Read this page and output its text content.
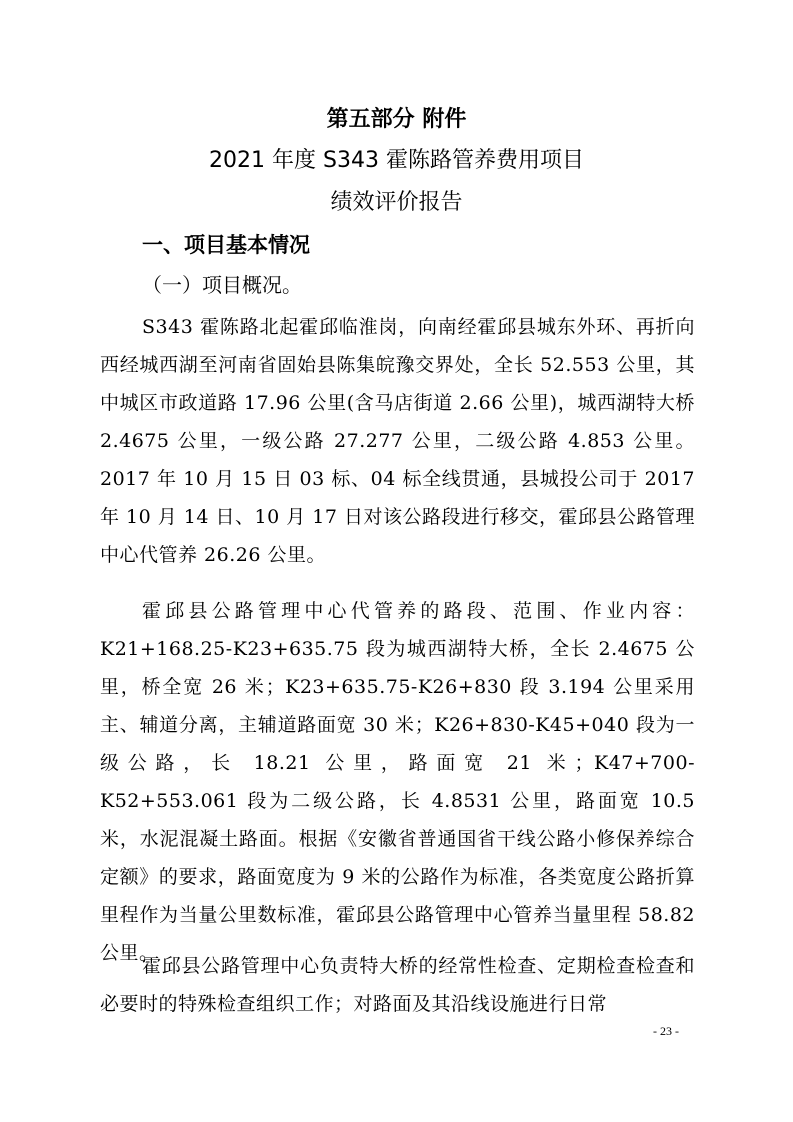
第五部分 附件
2021 年度 S343 霍陈路管养费用项目
绩效评价报告
一、项目基本情况
（一）项目概况。

S343 霍陈路北起霍邱临淮岗，向南经霍邱县城东外环、再折向西经城西湖至河南省固始县陈集皖豫交界处，全长 52.553 公里，其中城区市政道路 17.96 公里(含马店街道 2.66 公里)，城西湖特大桥 2.4675 公里，一级公路 27.277 公里，二级公路 4.853 公里。2017 年 10 月 15 日 03 标、04 标全线贯通，县城投公司于 2017 年 10 月 14 日、10 月 17 日对该公路段进行移交，霍邱县公路管理中心代管养 26.26 公里。

霍邱县公路管理中心代管养的路段、范围、作业内容：K21+168.25-K23+635.75 段为城西湖特大桥，全长 2.4675 公里，桥全宽 26 米；K23+635.75-K26+830 段 3.194 公里采用主、辅道分离，主辅道路面宽 30 米；K26+830-K45+040 段为一级公路，长 18.21 公里，路面宽 21 米；K47+700-K52+553.061 段为二级公路，长 4.8531 公里，路面宽 10.5 米，水泥混凝土路面。根据《安徽省普通国省干线公路小修保养综合定额》的要求，路面宽度为 9 米的公路作为标准，各类宽度公路折算里程作为当量公里数标准，霍邱县公路管理中心管养当量里程 58.82 公里。

霍邱县公路管理中心负责特大桥的经常性检查、定期检查检查和必要时的特殊检查组织工作；对路面及其沿线设施进行日常

- 23 -
